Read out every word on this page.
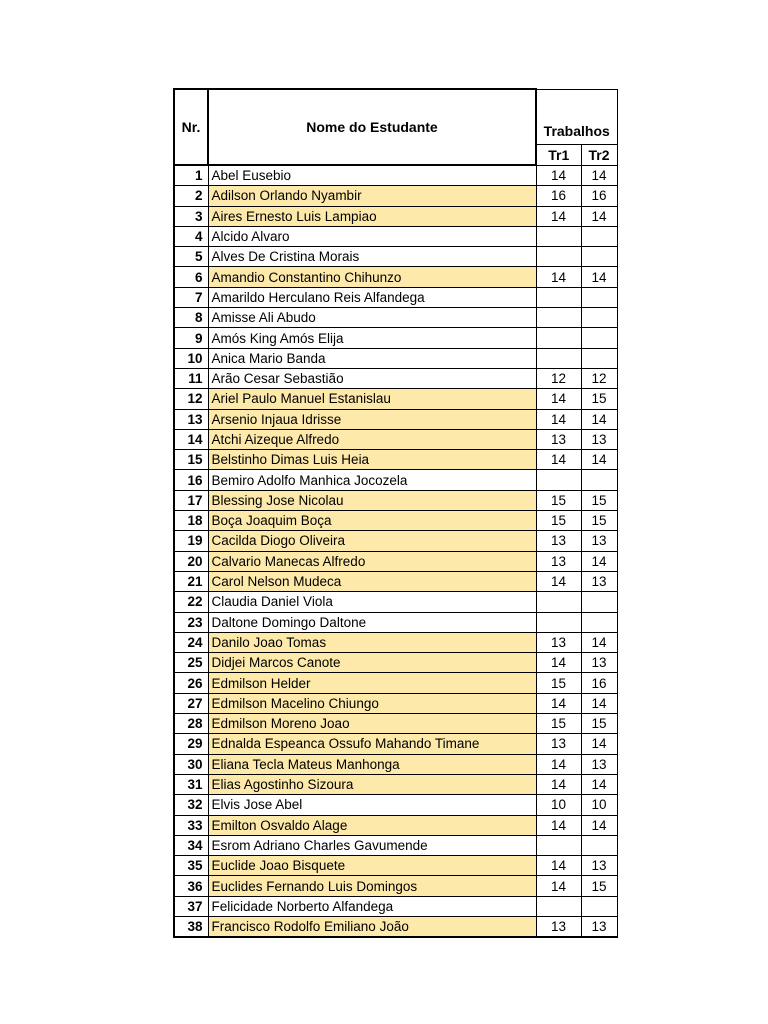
Nr.	Nome do Estudante		
		Trabalhos	
		Tr1	Tr2
1	Abel Eusebio	14	14
2	Adilson Orlando Nyambir	16	16
3	Aires Ernesto Luis Lampiao	14	14
4	Alcido Alvaro		
5	Alves De Cristina Morais		
6	Amandio Constantino Chihunzo	14	14
7	Amarildo Herculano Reis Alfandega		
8	Amisse Ali Abudo		
9	Amós King Amós Elija		
10	Anica Mario Banda		
11	Arão Cesar Sebastião	12	12
12	Ariel Paulo Manuel Estanislau	14	15
13	Arsenio Injaua Idrisse	14	14
14	Atchi Aizeque Alfredo	13	13
15	Belstinho Dimas Luis Heia	14	14
16	Bemiro Adolfo Manhica Jocozela		
17	Blessing Jose Nicolau	15	15
18	Boça Joaquim Boça	15	15
19	Cacilda Diogo Oliveira	13	13
20	Calvario Manecas Alfredo	13	14
21	Carol Nelson Mudeca	14	13
22	Claudia Daniel Viola		
23	Daltone Domingo Daltone		
24	Danilo Joao Tomas	13	14
25	Didjei Marcos Canote	14	13
26	Edmilson Helder	15	16
27	Edmilson Macelino Chiungo	14	14
28	Edmilson Moreno Joao	15	15
29	Ednalda Espeanca Ossufo Mahando Timane	13	14
30	Eliana Tecla Mateus Manhonga	14	13
31	Elias Agostinho Sizoura	14	14
32	Elvis Jose Abel	10	10
33	Emilton Osvaldo Alage	14	14
34	Esrom Adriano Charles Gavumende		
35	Euclide Joao Bisquete	14	13
36	Euclides Fernando Luis Domingos	14	15
37	Felicidade Norberto Alfandega		
38	Francisco Rodolfo Emiliano João	13	13
